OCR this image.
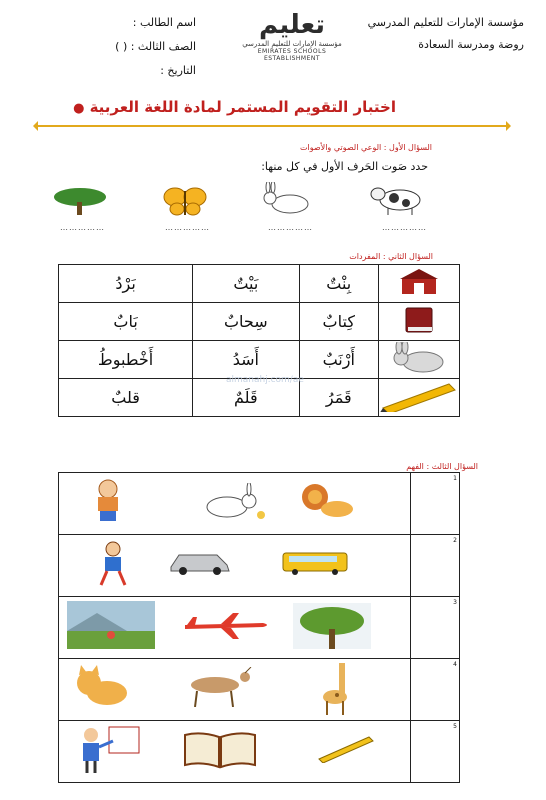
مؤسسة الإمارات للتعليم المدرسي
روضة ومدرسة السعادة
تعليم
مؤسسة الإمارات للتعليم المدرسي
EMIRATES SCHOOLS ESTABLISHMENT
اسم الطالب :
الصف الثالث : ( )
التاريخ :
● اختبار التقويم المستمر لمادة اللغة العربية
السؤال الأول : الوعي الصوتي والأصوات
حدد صَوت الحَرف الأول في كل منها:
……………
……………
……………
……………
السؤال الثاني : المفردات
بَرْدُ	بَيْتٌ	بِنْتٌ	
بَابٌ	سِحابٌ	كِتابٌ	
أَخْطبوطُ	أَسَدُ	أَرْنَبٌ	
قلبٌ	قَلَمٌ	قَمَرُ	
almanahj.com/ae
السؤال الثالث : الفهم
	1

	2

	3

	4

	5
